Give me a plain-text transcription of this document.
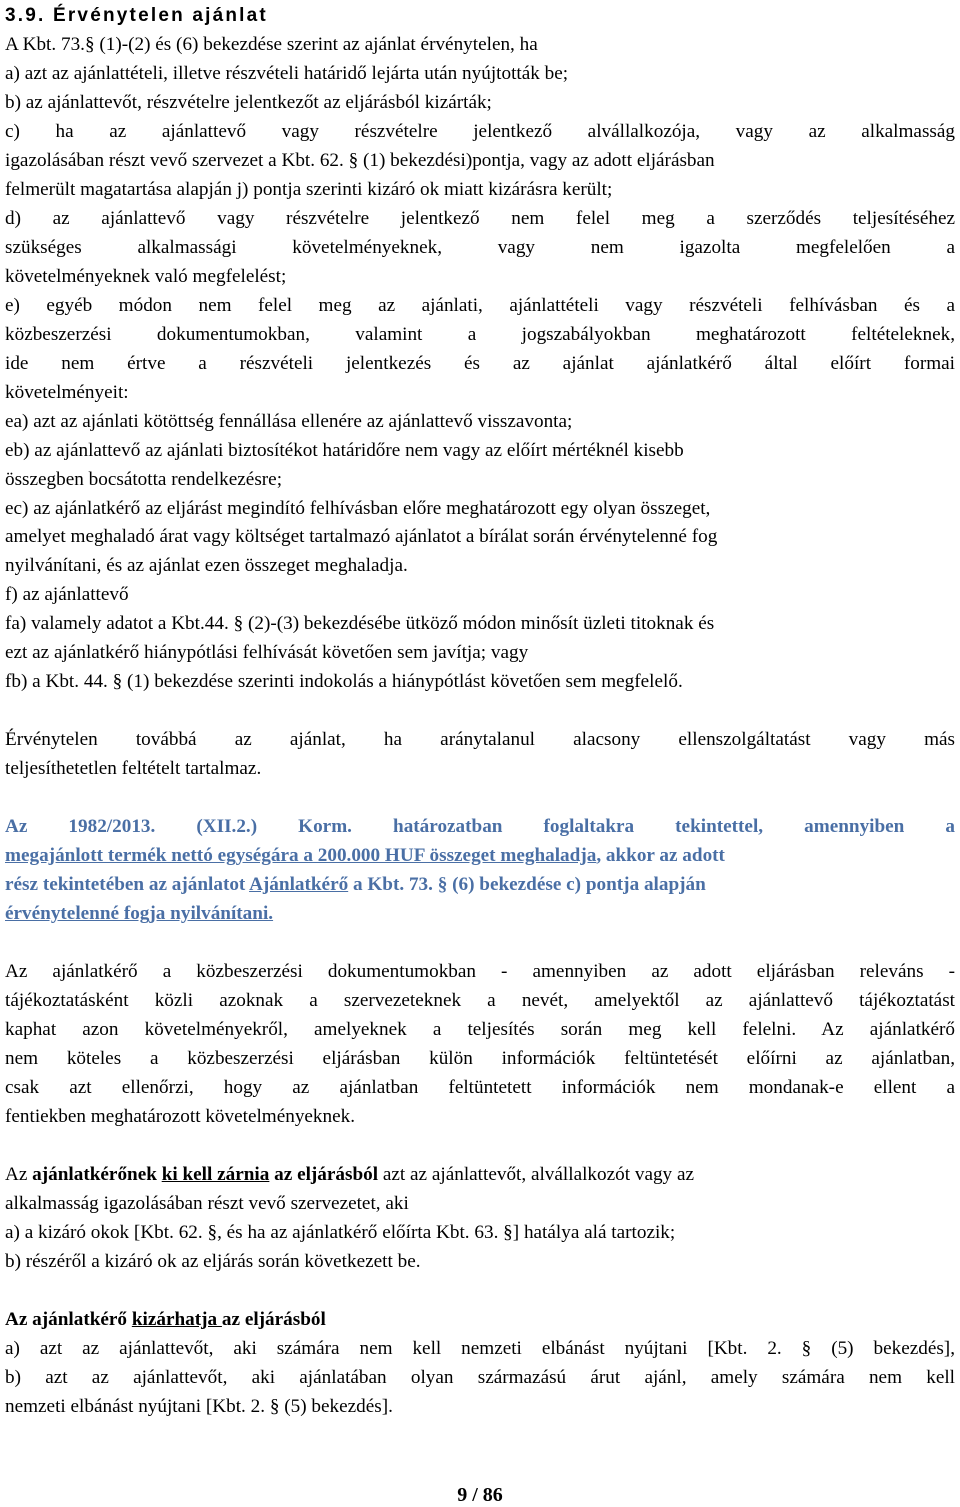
3.9. Érvénytelen ajánlat
A Kbt. 73.§ (1)-(2) és (6) bekezdése szerint az ajánlat érvénytelen, ha
a) azt az ajánlattételi, illetve részvételi határidő lejárta után nyújtották be;
b) az ajánlattevőt, részvételre jelentkezőt az eljárásból kizárták;
c) ha az ajánlattevő vagy részvételre jelentkező alvállalkozója, vagy az alkalmasság
igazolásában részt vevő szervezet a Kbt. 62. § (1) bekezdési)pontja, vagy az adott eljárásban
felmerült magatartása alapján j) pontja szerinti kizáró ok miatt kizárásra került;
d) az ajánlattevő vagy részvételre jelentkező nem felel meg a szerződés teljesítéséhez
szükséges alkalmassági követelményeknek, vagy nem igazolta megfelelően a
követelményeknek való megfelelést;
e) egyéb módon nem felel meg az ajánlati, ajánlattételi vagy részvételi felhívásban és a
közbeszerzési dokumentumokban, valamint a jogszabályokban meghatározott feltételeknek,
ide nem értve a részvételi jelentkezés és az ajánlat ajánlatkérő által előírt formai
követelményeit:
ea) azt az ajánlati kötöttség fennállása ellenére az ajánlattevő visszavonta;
eb) az ajánlattevő az ajánlati biztosítékot határidőre nem vagy az előírt mértéknél kisebb
összegben bocsátotta rendelkezésre;
ec) az ajánlatkérő az eljárást megindító felhívásban előre meghatározott egy olyan összeget,
amelyet meghaladó árat vagy költséget tartalmazó ajánlatot a bírálat során érvénytelenné fog
nyilvánítani, és az ajánlat ezen összeget meghaladja.
f) az ajánlattevő
fa) valamely adatot a Kbt.44. § (2)-(3) bekezdésébe ütköző módon minősít üzleti titoknak és
ezt az ajánlatkérő hiánypótlási felhívását követően sem javítja; vagy
fb) a Kbt. 44. § (1) bekezdése szerinti indokolás a hiánypótlást követően sem megfelelő.
Érvénytelen továbbá az ajánlat, ha aránytalanul alacsony ellenszolgáltatást vagy más
teljesíthetetlen feltételt tartalmaz.
Az 1982/2013. (XII.2.) Korm. határozatban foglaltakra tekintettel, amennyiben a
megajánlott termék nettó egységára a 200.000 HUF összeget meghaladja, akkor az adott
rész tekintetében az ajánlatot Ajánlatkérő a Kbt. 73. § (6) bekezdése c) pontja alapján
érvénytelenné fogja nyilvánítani.
Az ajánlatkérő a közbeszerzési dokumentumokban - amennyiben az adott eljárásban releváns -
tájékoztatásként közli azoknak a szervezeteknek a nevét, amelyektől az ajánlattevő tájékoztatást
kaphat azon követelményekről, amelyeknek a teljesítés során meg kell felelni. Az ajánlatkérő
nem köteles a közbeszerzési eljárásban külön információk feltüntetését előírni az ajánlatban,
csak azt ellenőrzi, hogy az ajánlatban feltüntetett információk nem mondanak-e ellent a
fentiekben meghatározott követelményeknek.
Az ajánlatkérőnek ki kell zárnia az eljárásból azt az ajánlattevőt, alvállalkozót vagy az
alkalmasság igazolásában részt vevő szervezetet, aki
a) a kizáró okok [Kbt. 62. §, és ha az ajánlatkérő előírta Kbt. 63. §] hatálya alá tartozik;
b) részéről a kizáró ok az eljárás során következett be.
Az ajánlatkérő kizárhatja az eljárásból
a) azt az ajánlattevőt, aki számára nem kell nemzeti elbánást nyújtani [Kbt. 2. § (5) bekezdés],
b) azt az ajánlattevőt, aki ajánlatában olyan származású árut ajánl, amely számára nem kell
nemzeti elbánást nyújtani [Kbt. 2. § (5) bekezdés].
9 / 86
